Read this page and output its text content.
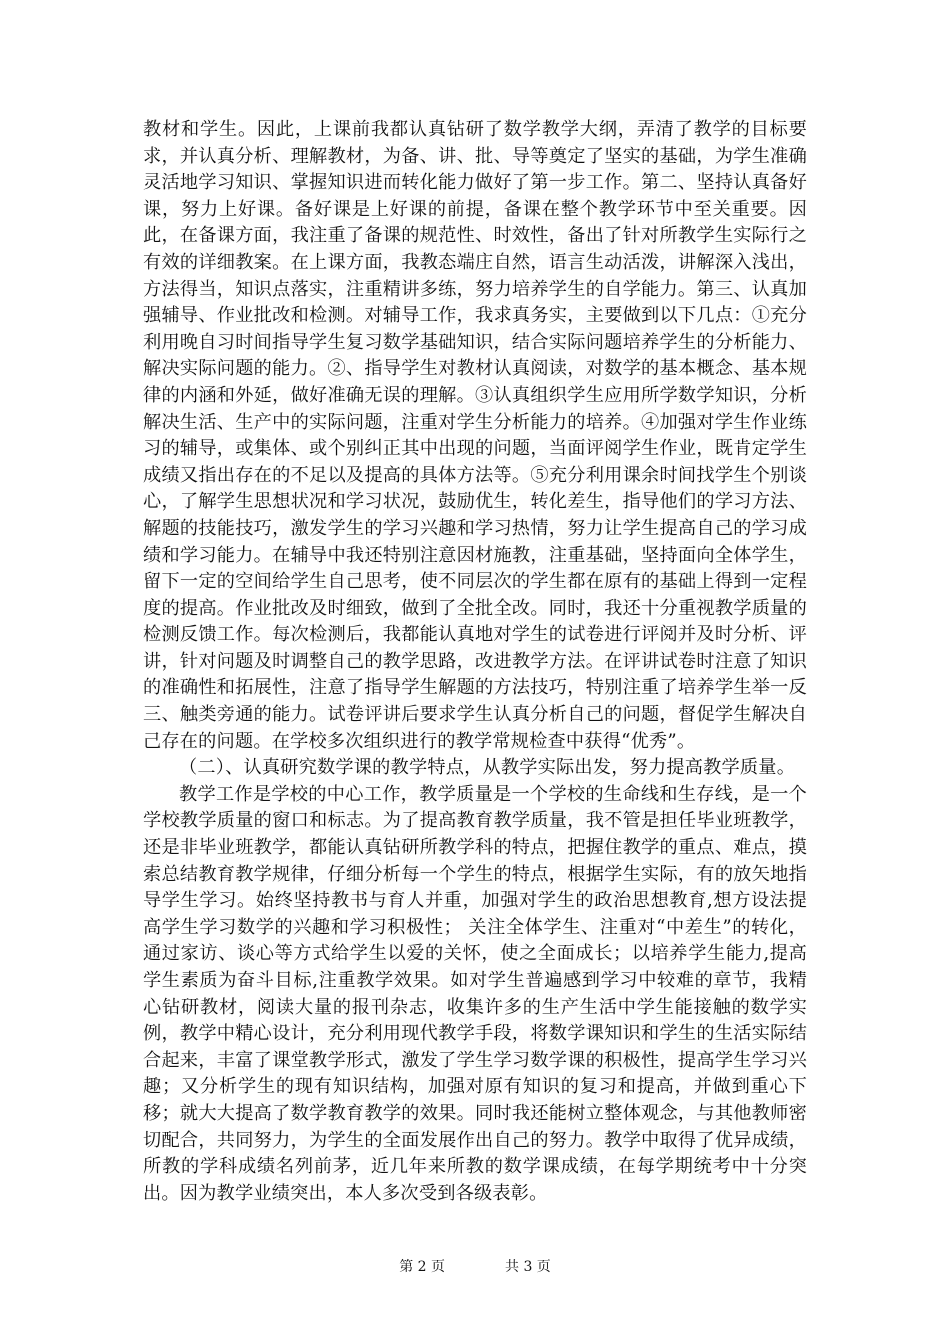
教材和学生。因此，上课前我都认真钻研了数学教学大纲，弄清了教学的目标要求，并认真分析、理解教材，为备、讲、批、导等奠定了坚实的基础，为学生准确灵活地学习知识、掌握知识进而转化能力做好了第一步工作。第二、坚持认真备好课，努力上好课。备好课是上好课的前提，备课在整个教学环节中至关重要。因此，在备课方面，我注重了备课的规范性、时效性，备出了针对所教学生实际行之有效的详细教案。在上课方面，我教态端庄自然，语言生动活泼，讲解深入浅出，方法得当，知识点落实，注重精讲多练，努力培养学生的自学能力。第三、认真加强辅导、作业批改和检测。对辅导工作，我求真务实，主要做到以下几点：①充分利用晚自习时间指导学生复习数学基础知识，结合实际问题培养学生的分析能力、解决实际问题的能力。②、指导学生对教材认真阅读，对数学的基本概念、基本规律的内涵和外延，做好准确无误的理解。③认真组织学生应用所学数学知识，分析解决生活、生产中的实际问题，注重对学生分析能力的培养。④加强对学生作业练习的辅导，或集体、或个别纠正其中出现的问题，当面评阅学生作业，既肯定学生成绩又指出存在的不足以及提高的具体方法等。⑤充分利用课余时间找学生个别谈心，了解学生思想状况和学习状况，鼓励优生，转化差生，指导他们的学习方法、解题的技能技巧，激发学生的学习兴趣和学习热情，努力让学生提高自己的学习成绩和学习能力。在辅导中我还特别注意因材施教，注重基础，坚持面向全体学生，留下一定的空间给学生自己思考，使不同层次的学生都在原有的基础上得到一定程度的提高。作业批改及时细致，做到了全批全改。同时，我还十分重视教学质量的检测反馈工作。每次检测后，我都能认真地对学生的试卷进行评阅并及时分析、评讲，针对问题及时调整自己的教学思路，改进教学方法。在评讲试卷时注意了知识的准确性和拓展性，注意了指导学生解题的方法技巧，特别注重了培养学生举一反三、触类旁通的能力。试卷评讲后要求学生认真分析自己的问题，督促学生解决自己存在的问题。在学校多次组织进行的教学常规检查中获得“优秀”。

（二）、认真研究数学课的教学特点，从教学实际出发，努力提高教学质量。

教学工作是学校的中心工作，教学质量是一个学校的生命线和生存线，是一个学校教学质量的窗口和标志。为了提高教育教学质量，我不管是担任毕业班教学，还是非毕业班教学，都能认真钻研所教学科的特点，把握住教学的重点、难点，摸索总结教育教学规律，仔细分析每一个学生的特点，根据学生实际，有的放矢地指导学生学习。始终坚持教书与育人并重，加强对学生的政治思想教育,想方设法提高学生学习数学的兴趣和学习积极性； 关注全体学生、注重对“中差生”的转化，通过家访、谈心等方式给学生以爱的关怀，使之全面成长；以培养学生能力,提高学生素质为奋斗目标,注重教学效果。如对学生普遍感到学习中较难的章节，我精心钻研教材，阅读大量的报刊杂志，收集许多的生产生活中学生能接触的数学实例，教学中精心设计，充分利用现代教学手段，将数学课知识和学生的生活实际结合起来，丰富了课堂教学形式，激发了学生学习数学课的积极性，提高学生学习兴趣；又分析学生的现有知识结构，加强对原有知识的复习和提高，并做到重心下移；就大大提高了数学教育教学的效果。同时我还能树立整体观念，与其他教师密切配合，共同努力，为学生的全面发展作出自己的努力。教学中取得了优异成绩，所教的学科成绩名列前茅，近几年来所教的数学课成绩，在每学期统考中十分突出。因为教学业绩突出，本人多次受到各级表彰。

第 2 页	共 3 页
